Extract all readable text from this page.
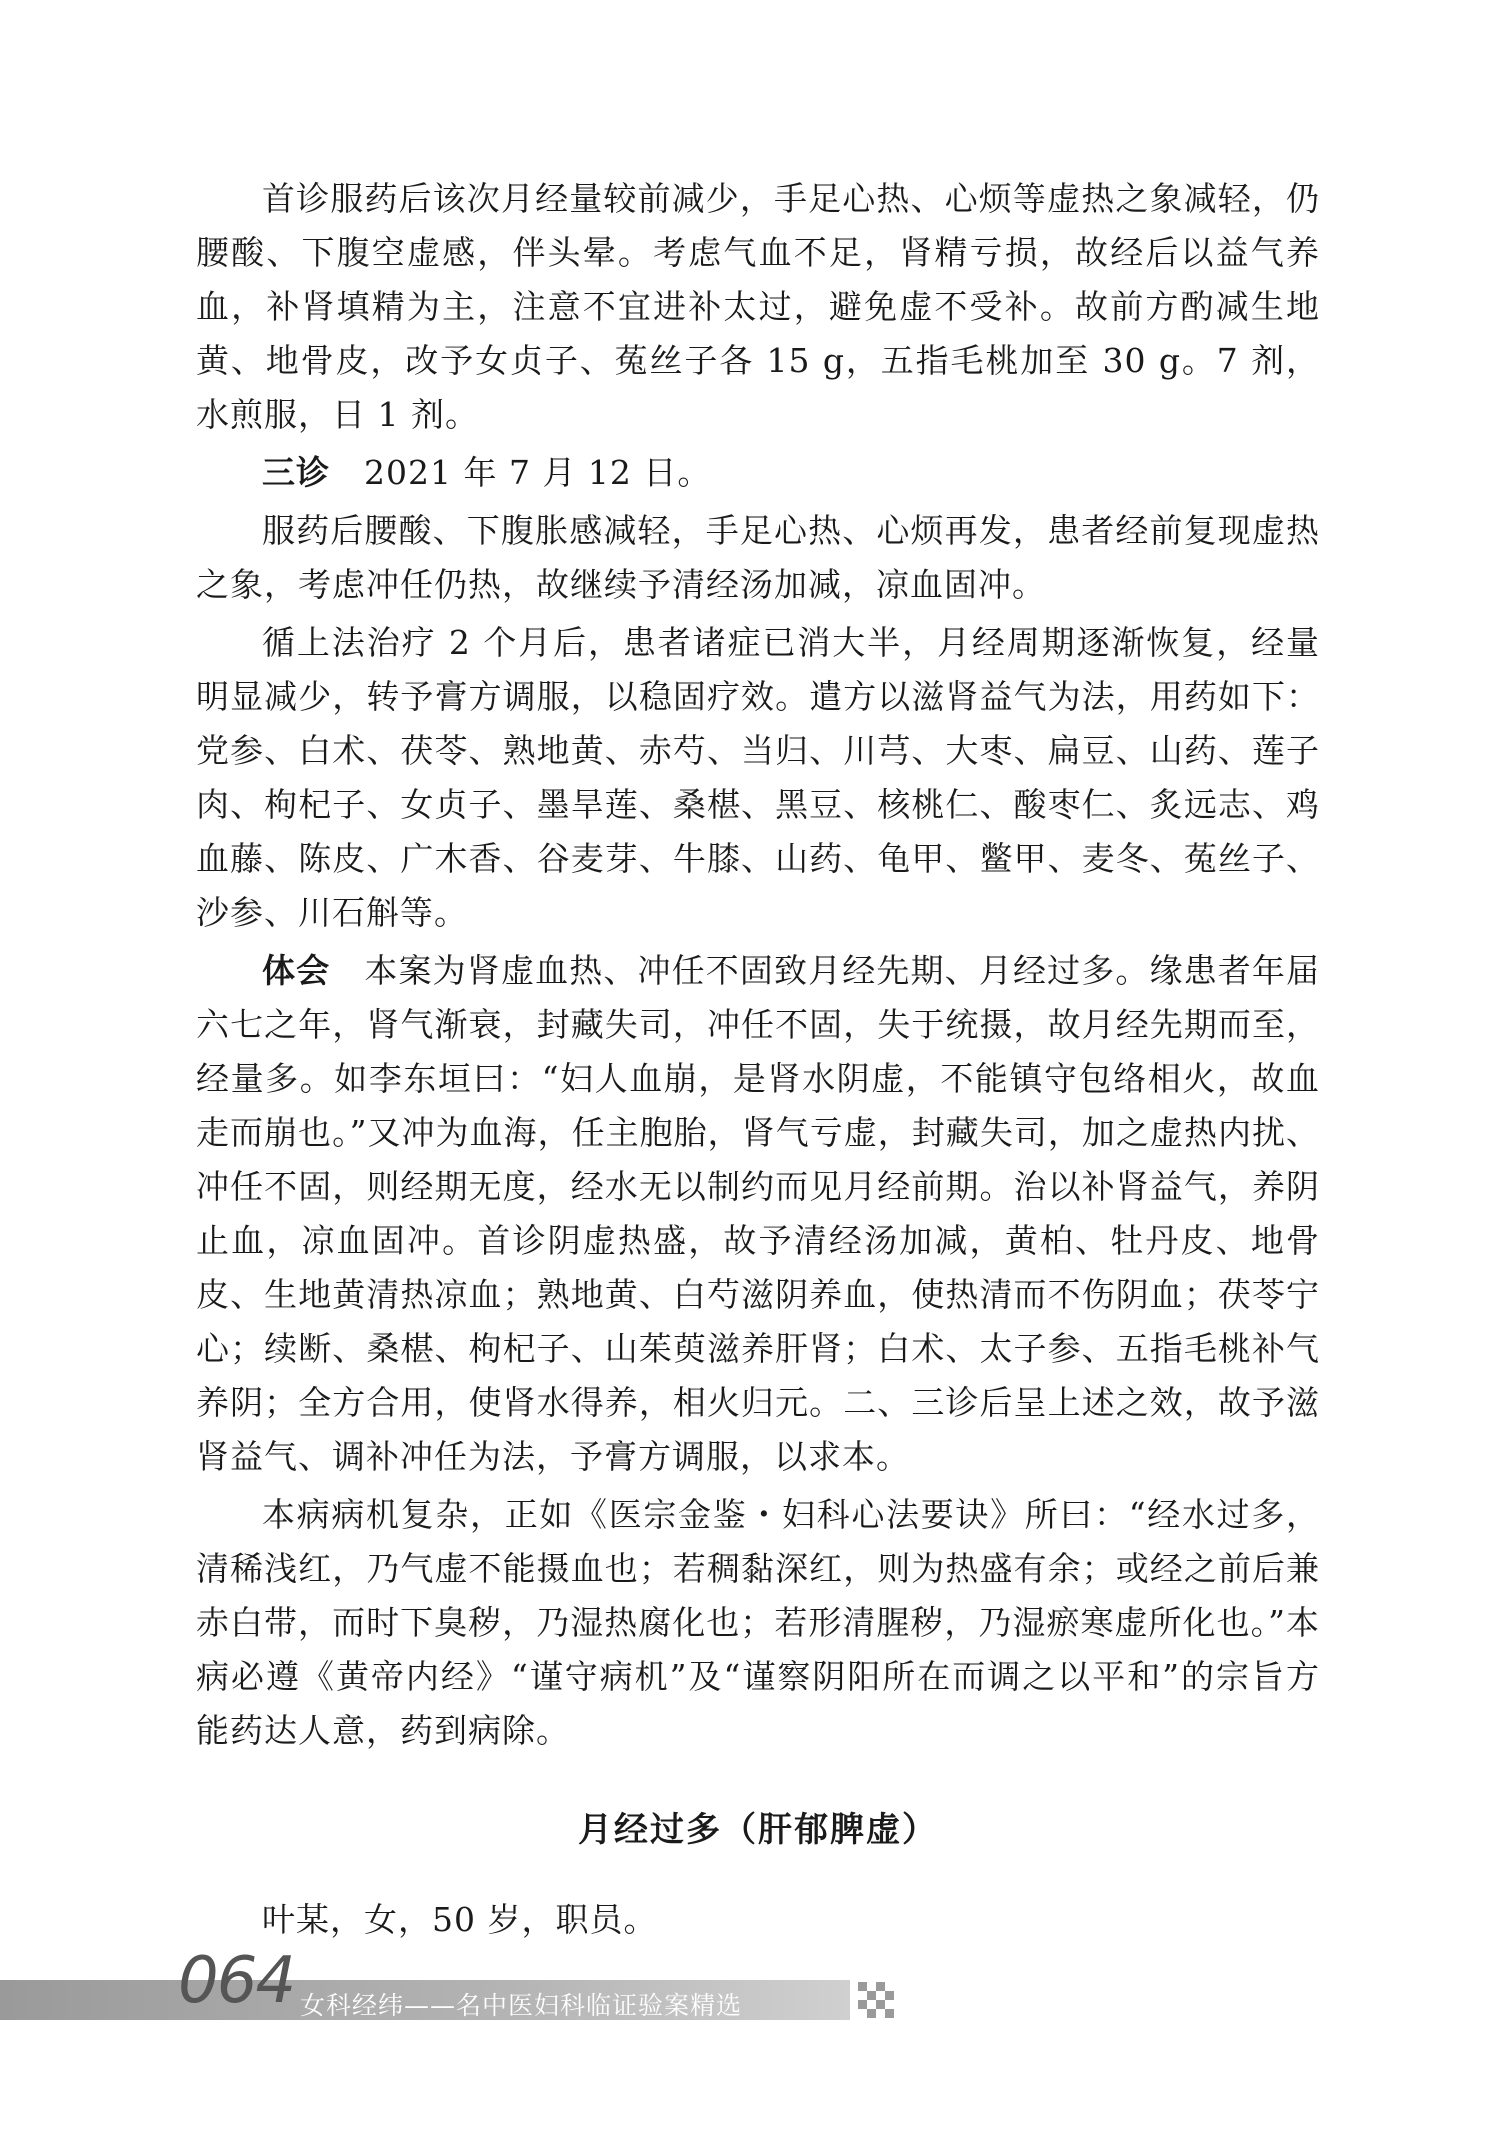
首诊服药后该次月经量较前减少，手足心热、心烦等虚热之象减轻，仍腰酸、下腹空虚感，伴头晕。考虑气血不足，肾精亏损，故经后以益气养血，补肾填精为主，注意不宜进补太过，避免虚不受补。故前方酌减生地黄、地骨皮，改予女贞子、菟丝子各 15 g，五指毛桃加至 30 g。7 剂，水煎服，日 1 剂。

三诊  2021 年 7 月 12 日。

服药后腰酸、下腹胀感减轻，手足心热、心烦再发，患者经前复现虚热之象，考虑冲任仍热，故继续予清经汤加减，凉血固冲。

循上法治疗 2 个月后，患者诸症已消大半，月经周期逐渐恢复，经量明显减少，转予膏方调服，以稳固疗效。遣方以滋肾益气为法，用药如下：党参、白术、茯苓、熟地黄、赤芍、当归、川芎、大枣、扁豆、山药、莲子肉、枸杞子、女贞子、墨旱莲、桑椹、黑豆、核桃仁、酸枣仁、炙远志、鸡血藤、陈皮、广木香、谷麦芽、牛膝、山药、龟甲、鳖甲、麦冬、菟丝子、沙参、川石斛等。

体会  本案为肾虚血热、冲任不固致月经先期、月经过多。缘患者年届六七之年，肾气渐衰，封藏失司，冲任不固，失于统摄，故月经先期而至，经量多。如李东垣曰：“妇人血崩，是肾水阴虚，不能镇守包络相火，故血走而崩也。”又冲为血海，任主胞胎，肾气亏虚，封藏失司，加之虚热内扰、冲任不固，则经期无度，经水无以制约而见月经前期。治以补肾益气，养阴止血，凉血固冲。首诊阴虚热盛，故予清经汤加减，黄柏、牡丹皮、地骨皮、生地黄清热凉血；熟地黄、白芍滋阴养血，使热清而不伤阴血；茯苓宁心；续断、桑椹、枸杞子、山茱萸滋养肝肾；白术、太子参、五指毛桃补气养阴；全方合用，使肾水得养，相火归元。二、三诊后呈上述之效，故予滋肾益气、调补冲任为法，予膏方调服，以求本。

本病病机复杂，正如《医宗金鉴・妇科心法要诀》所曰：“经水过多，清稀浅红，乃气虚不能摄血也；若稠黏深红，则为热盛有余；或经之前后兼赤白带，而时下臭秽，乃湿热腐化也；若形清腥秽，乃湿瘀寒虚所化也。”本病必遵《黄帝内经》“谨守病机”及“谨察阴阳所在而调之以平和”的宗旨方能药达人意，药到病除。

月经过多（肝郁脾虚）

叶某，女，50 岁，职员。

064 女科经纬——名中医妇科临证验案精选
